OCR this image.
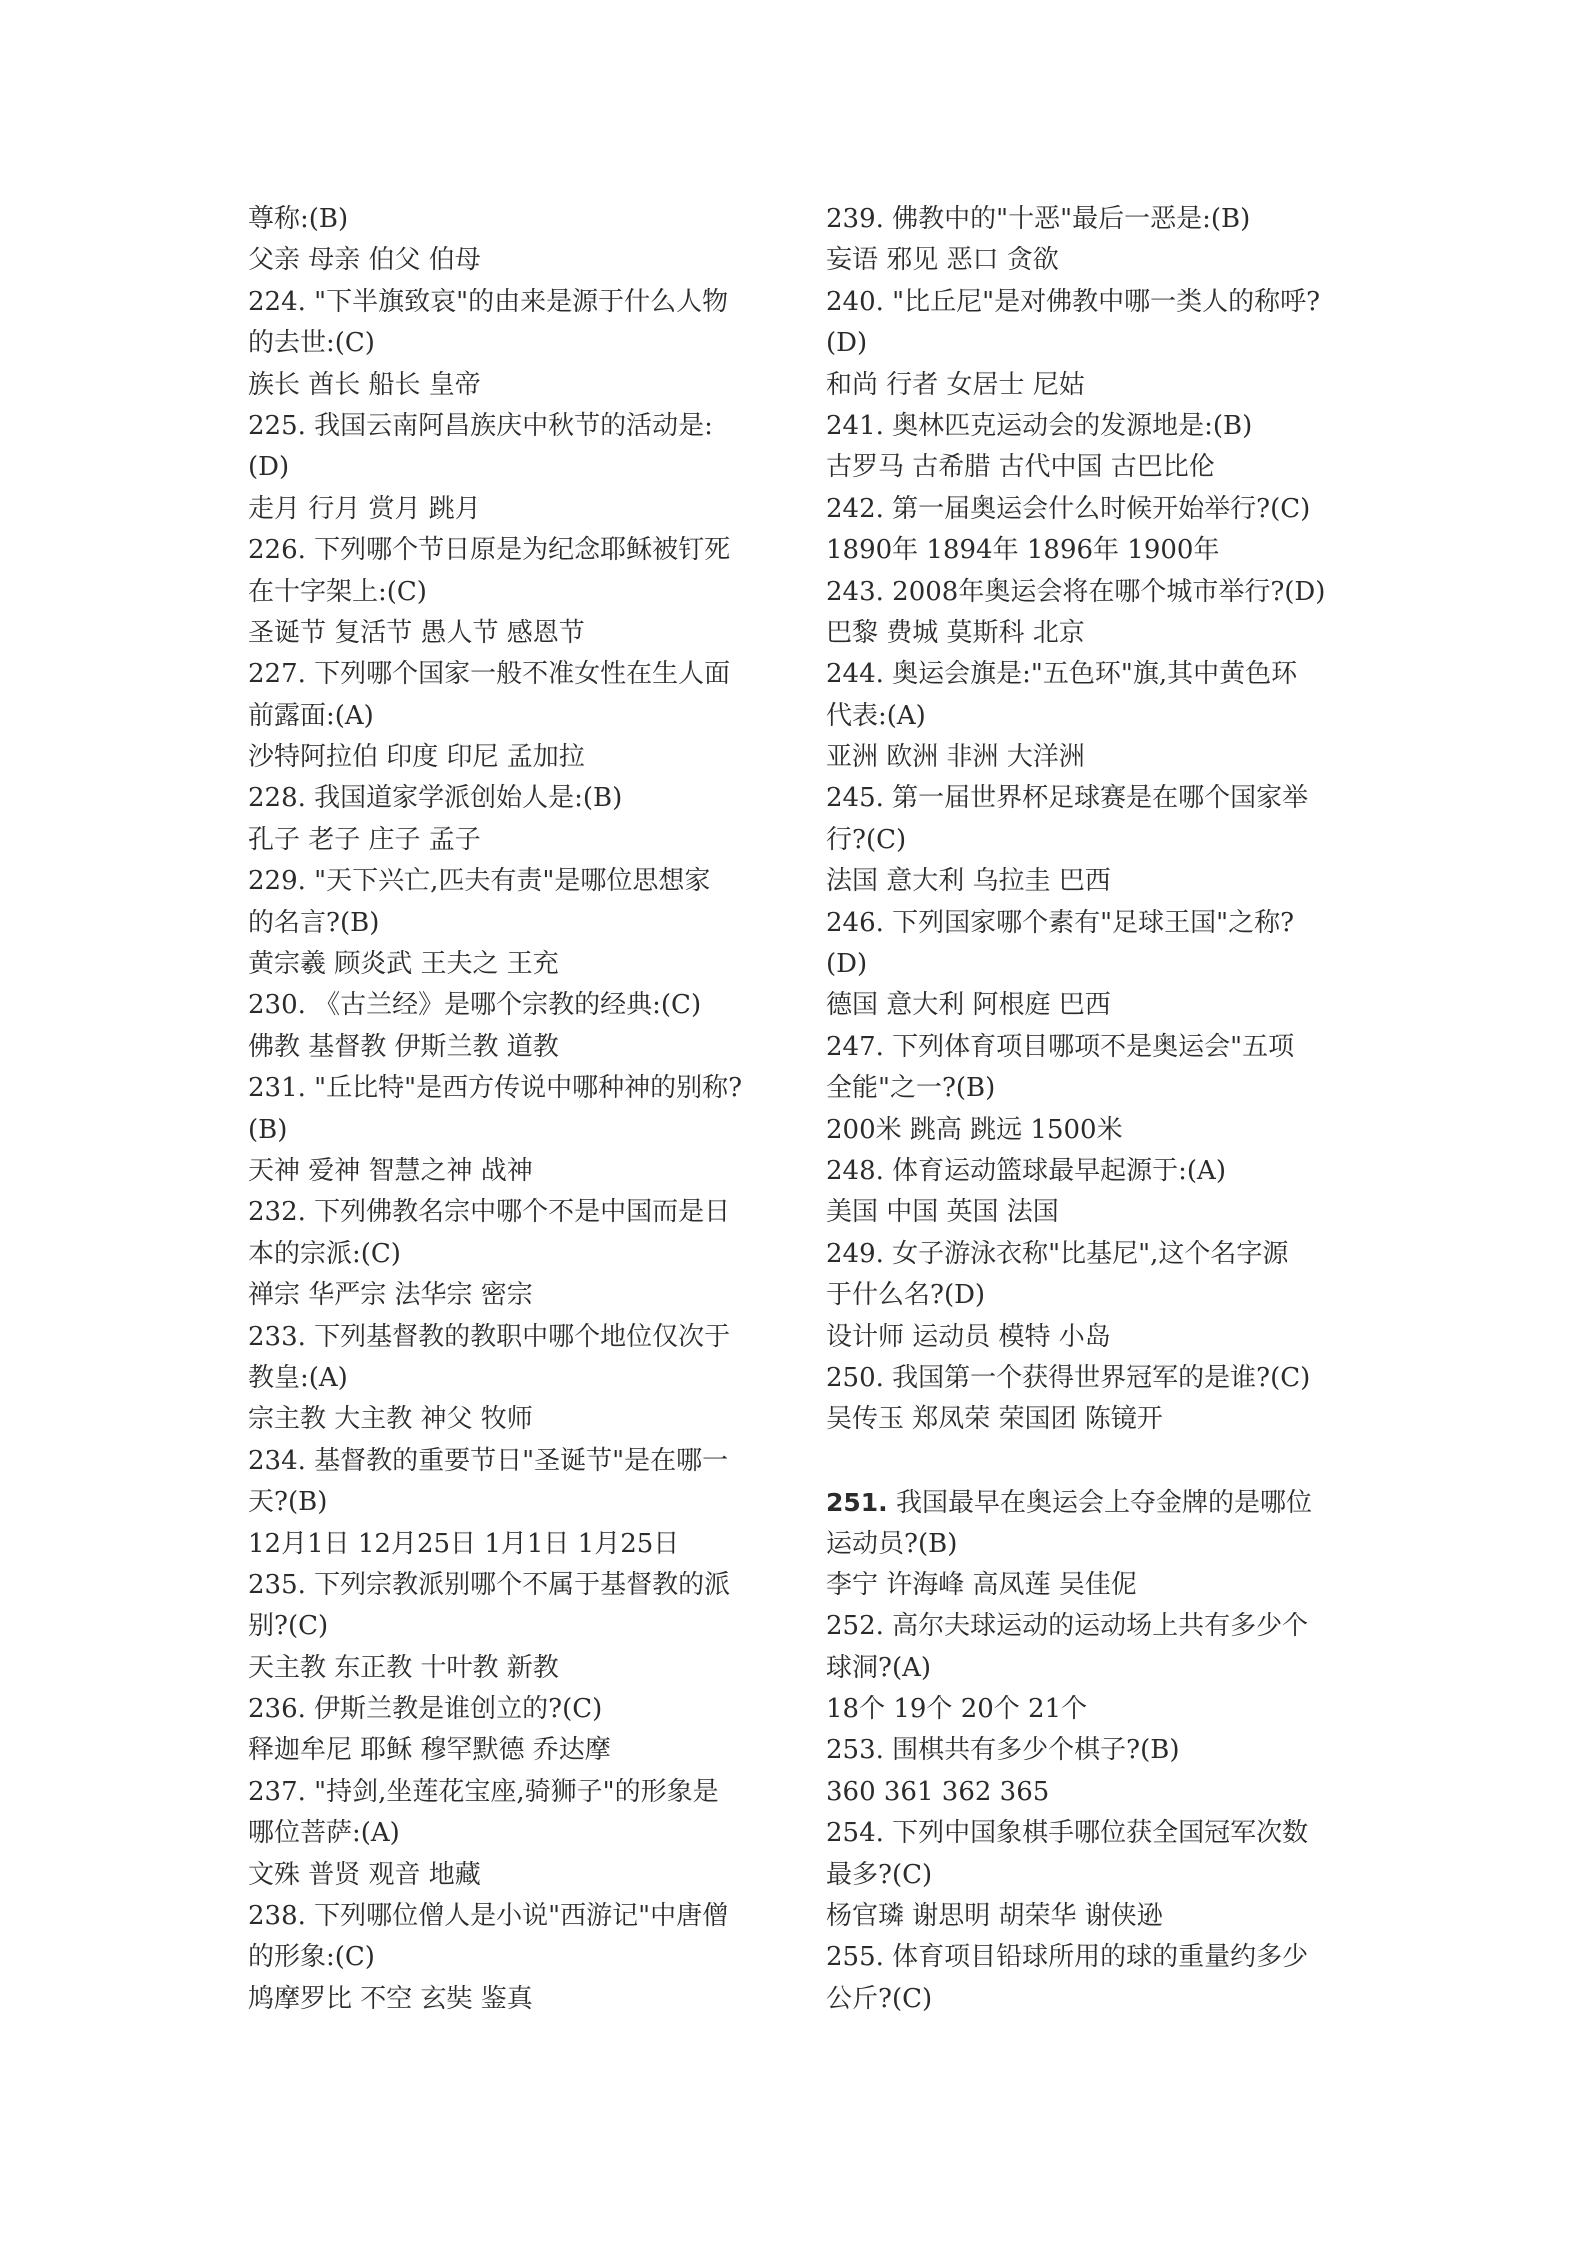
尊称:(B)
父亲 母亲 伯父 伯母
224. "下半旗致哀"的由来是源于什么人物
的去世:(C)
族长 酋长 船长 皇帝
225. 我国云南阿昌族庆中秋节的活动是:
(D)
走月 行月 赏月 跳月
226. 下列哪个节日原是为纪念耶稣被钉死
在十字架上:(C)
圣诞节 复活节 愚人节 感恩节
227. 下列哪个国家一般不准女性在生人面
前露面:(A)
沙特阿拉伯 印度 印尼 孟加拉
228. 我国道家学派创始人是:(B)
孔子 老子 庄子 孟子
229. "天下兴亡,匹夫有责"是哪位思想家
的名言?(B)
黄宗羲 顾炎武 王夫之 王充
230. 《古兰经》是哪个宗教的经典:(C)
佛教 基督教 伊斯兰教 道教
231. "丘比特"是西方传说中哪种神的别称?
(B)
天神 爱神 智慧之神 战神
232. 下列佛教名宗中哪个不是中国而是日
本的宗派:(C)
禅宗 华严宗 法华宗 密宗
233. 下列基督教的教职中哪个地位仅次于
教皇:(A)
宗主教 大主教 神父 牧师
234. 基督教的重要节日"圣诞节"是在哪一
天?(B)
12月1日 12月25日 1月1日 1月25日
235. 下列宗教派别哪个不属于基督教的派
别?(C)
天主教 东正教 十叶教 新教
236. 伊斯兰教是谁创立的?(C)
释迦牟尼 耶稣 穆罕默德 乔达摩
237. "持剑,坐莲花宝座,骑狮子"的形象是
哪位菩萨:(A)
文殊 普贤 观音 地藏
238. 下列哪位僧人是小说"西游记"中唐僧
的形象:(C)
鸠摩罗比 不空 玄奘 鉴真
239. 佛教中的"十恶"最后一恶是:(B)
妄语 邪见 恶口 贪欲
240. "比丘尼"是对佛教中哪一类人的称呼?
(D)
和尚 行者 女居士 尼姑
241. 奥林匹克运动会的发源地是:(B)
古罗马 古希腊 古代中国 古巴比伦
242. 第一届奥运会什么时候开始举行?(C)
1890年 1894年 1896年 1900年
243. 2008年奥运会将在哪个城市举行?(D)
巴黎 费城 莫斯科 北京
244. 奥运会旗是:"五色环"旗,其中黄色环
代表:(A)
亚洲 欧洲 非洲 大洋洲
245. 第一届世界杯足球赛是在哪个国家举
行?(C)
法国 意大利 乌拉圭 巴西
246. 下列国家哪个素有"足球王国"之称?
(D)
德国 意大利 阿根庭 巴西
247. 下列体育项目哪项不是奥运会"五项
全能"之一?(B)
200米 跳高 跳远 1500米
248. 体育运动篮球最早起源于:(A)
美国 中国 英国 法国
249. 女子游泳衣称"比基尼",这个名字源
于什么名?(D)
设计师 运动员 模特 小岛
250. 我国第一个获得世界冠军的是谁?(C)
吴传玉 郑凤荣 荣国团 陈镜开
251. 我国最早在奥运会上夺金牌的是哪位
运动员?(B)
李宁 许海峰 高凤莲 吴佳伲
252. 高尔夫球运动的运动场上共有多少个
球洞?(A)
18个 19个 20个 21个
253. 围棋共有多少个棋子?(B)
360 361 362 365
254. 下列中国象棋手哪位获全国冠军次数
最多?(C)
杨官璘 谢思明 胡荣华 谢侠逊
255. 体育项目铅球所用的球的重量约多少
公斤?(C)
